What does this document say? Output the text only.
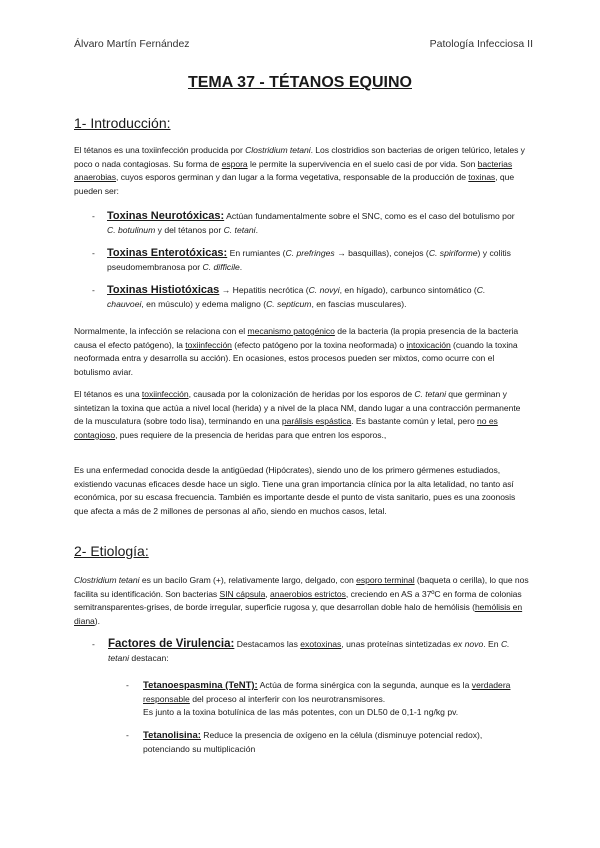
Álvaro Martín Fernández	Patología Infecciosa II
TEMA 37 - TÉTANOS EQUINO
1- Introducción:
El tétanos es una toxiinfección producida por Clostridium tetani. Los clostridios son bacterias de origen telúrico, letales y poco o nada contagiosas. Su forma de espora le permite la supervivencia en el suelo casi de por vida. Son bacterias anaerobias, cuyos esporos germinan y dan lugar a la forma vegetativa, responsable de la producción de toxinas, que pueden ser:
- Toxinas Neurotóxicas: Actúan fundamentalmente sobre el SNC, como es el caso del botulismo por C. botulinum y del tétanos por C. tetani.
- Toxinas Enterotóxicas: En rumiantes (C. prefringes → basquillas), conejos (C. spiriforme) y colitis pseudomembranosa por C. difficile.
- Toxinas Histiotóxicas → Hepatitis necrótica (C. novyi, en hígado), carbunco sintomático (C. chauvoei, en músculo) y edema maligno (C. septicum, en fascias musculares).
Normalmente, la infección se relaciona con el mecanismo patogénico de la bacteria (la propia presencia de la bacteria causa el efecto patógeno), la toxiinfección (efecto patógeno por la toxina neoformada) o intoxicación (cuando la toxina neoformada entra y desarrolla su acción). En ocasiones, estos procesos pueden ser mixtos, como ocurre con el botulismo aviar.
El tétanos es una toxiinfección, causada por la colonización de heridas por los esporos de C. tetani que germinan y sintetizan la toxina que actúa a nivel local (herida) y a nivel de la placa NM, dando lugar a una contracción permanente de la musculatura (sobre todo lisa), terminando en una parálisis espástica. Es bastante común y letal, pero no es contagioso, pues requiere de la presencia de heridas para que entren los esporos.,
Es una enfermedad conocida desde la antigüedad (Hipócrates), siendo uno de los primero gérmenes estudiados, existiendo vacunas eficaces desde hace un siglo. Tiene una gran importancia clínica por la alta letalidad, no tanto así económica, por su escasa frecuencia. También es importante desde el punto de vista sanitario, pues es una zoonosis que afecta a más de 2 millones de personas al año, siendo en muchos casos, letal.
2- Etiología:
Clostridium tetani es un bacilo Gram (+), relativamente largo, delgado, con esporo terminal (baqueta o cerilla), lo que nos facilita su identificación. Son bacterias SIN cápsula, anaerobios estrictos, creciendo en AS a 37ºC en forma de colonias semitransparentes-grises, de borde irregular, superficie rugosa y, que desarrollan doble halo de hemólisis (hemólisis en diana).
- Factores de Virulencia: Destacamos las exotoxinas, unas proteínas sintetizadas ex novo. En C. tetani destacan:
- Tetanoespasmina (TeNT): Actúa de forma sinérgica con la segunda, aunque es la verdadera responsable del proceso al interferir con los neurotransmisores.
Es junto a la toxina botulínica de las más potentes, con un DL50 de 0,1-1 ng/kg pv.
- Tetanolisina: Reduce la presencia de oxígeno en la célula (disminuye potencial redox), potenciando su multiplicación
